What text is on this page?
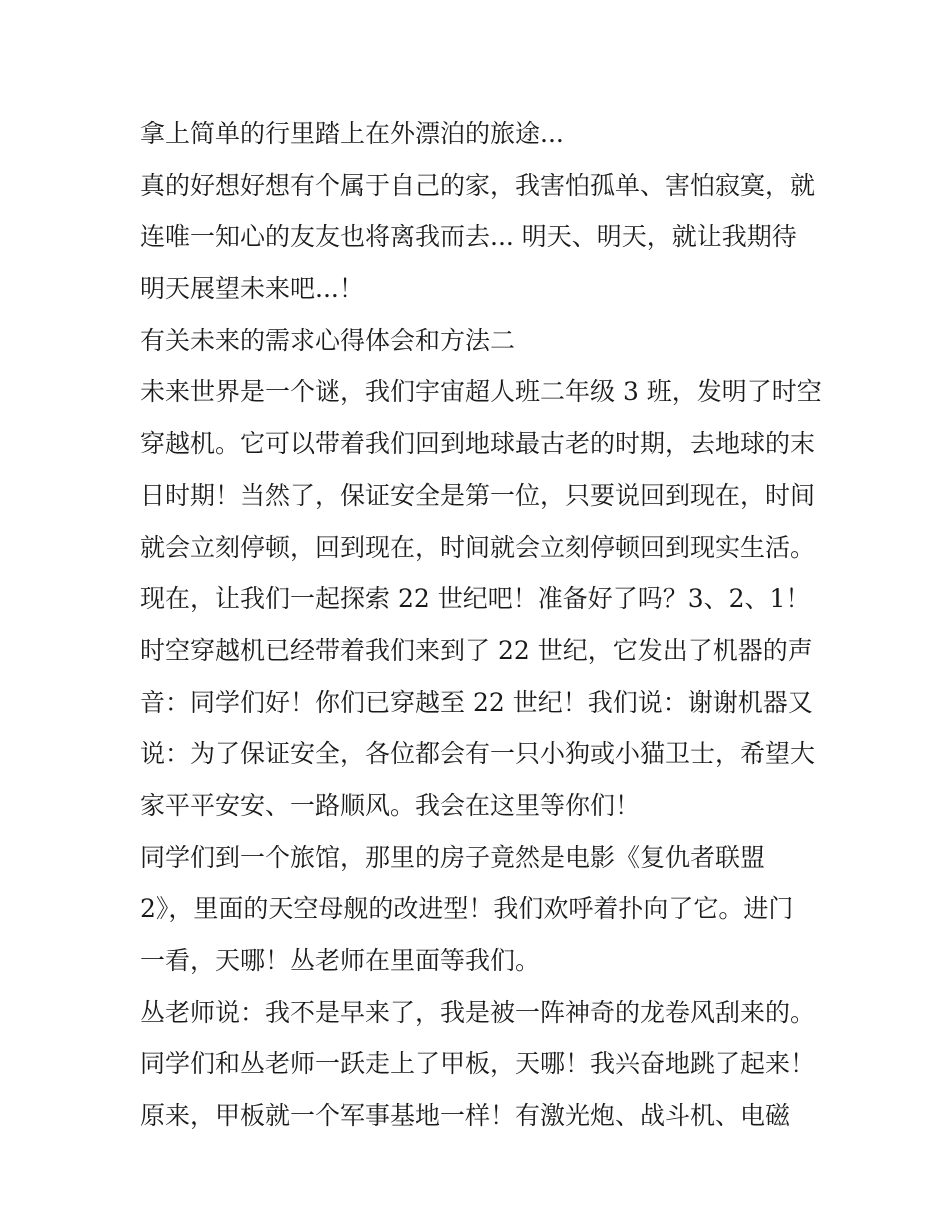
拿上简单的行里踏上在外漂泊的旅途...
真的好想好想有个属于自己的家，我害怕孤单、害怕寂寞，就
连唯一知心的友友也将离我而去... 明天、明天，就让我期待
明天展望未来吧...！
有关未来的需求心得体会和方法二
未来世界是一个谜，我们宇宙超人班二年级 3 班，发明了时空
穿越机。它可以带着我们回到地球最古老的时期，去地球的末
日时期！当然了，保证安全是第一位，只要说回到现在，时间
就会立刻停顿，回到现在，时间就会立刻停顿回到现实生活。
现在，让我们一起探索 22 世纪吧！准备好了吗？3、2、1！
时空穿越机已经带着我们来到了 22 世纪，它发出了机器的声
音：同学们好！你们已穿越至 22 世纪！我们说：谢谢机器又
说：为了保证安全，各位都会有一只小狗或小猫卫士，希望大
家平平安安、一路顺风。我会在这里等你们！
同学们到一个旅馆，那里的房子竟然是电影《复仇者联盟
2》，里面的天空母舰的改进型！我们欢呼着扑向了它。进门
一看，天哪！丛老师在里面等我们。
丛老师说：我不是早来了，我是被一阵神奇的龙卷风刮来的。
同学们和丛老师一跃走上了甲板，天哪！我兴奋地跳了起来！
原来，甲板就一个军事基地一样！有激光炮、战斗机、电磁
